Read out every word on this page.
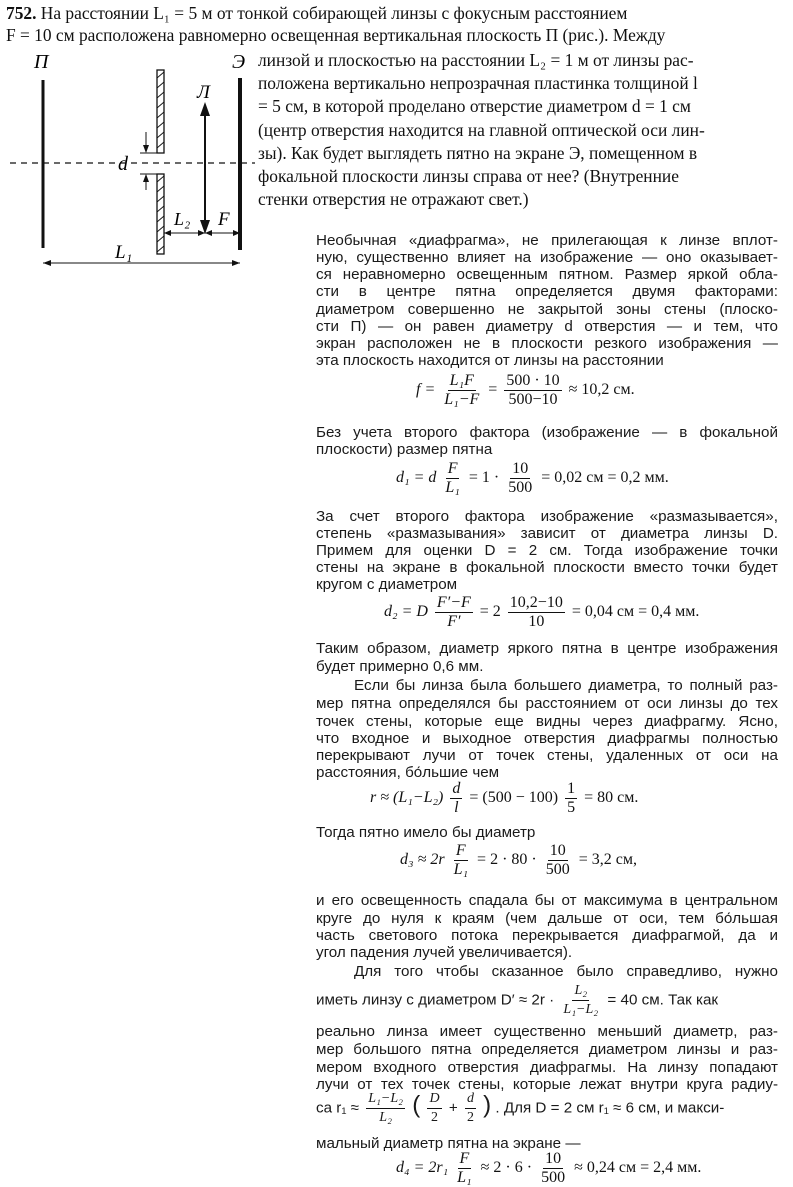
752. На расстоянии L₁ = 5 м от тонкой собирающей линзы с фокусным расстоянием
F = 10 см расположена равномерно освещенная вертикальная плоскость П (рис.). Между
линзой и плоскостью на расстоянии L₂ = 1 м от линзы рас-
положена вертикально непрозрачная пластинка толщиной l
= 5 см, в которой проделано отверстие диаметром d = 1 см
(центр отверстия находится на главной оптической оси лин-
зы). Как будет выглядеть пятно на экране Э, помещенном в
фокальной плоскости линзы справа от нее? (Внутренние
стенки отверстия не отражают свет.)
П	Э
d
Л
L₂ F
L₁
Необычная «диафрагма», не прилегающая к линзе вплот-
ную, существенно влияет на изображение — оно оказывает-
ся неравномерно освещенным пятном. Размер яркой обла-
сти в центре пятна определяется двумя факторами:
диаметром совершенно не закрытой зоны стены (плоско-
сти П) — он равен диаметру d отверстия — и тем, что
экран расположен не в плоскости резкого изображения —
эта плоскость находится от линзы на расстоянии
$f = \frac{\text{L₁F}}{\text{L₁−F}} = \frac{500 \cdot 10}{500-10} \approx 10,2$ см.
Без учета второго фактора (изображение — в фокальной
плоскости) размер пятна
d₁ = d $\frac{F}{\text{L₁}} = 1 \cdot \frac{10}{500} = 0,02$ см = 0,2 мм.
За счет второго фактора изображение «размазывается»,
степень «размазывания» зависит от диаметра линзы D.
Примем для оценки D = 2 см. Тогда изображение точки
стены на экране в фокальной плоскости вместо точки будет
кругом с диаметром
d₂ = D $\frac{F'-F}{F'} = 2 \frac{10,2-10}{10} = 0,04$ см = 0,4 мм.
Таким образом, диаметр яркого пятна в центре изображения
будет примерно 0,6 мм.
Если бы линза была большего диаметра, то полный раз-
мер пятна определялся бы расстоянием от оси линзы до тех
точек стены, которые еще видны через диафрагму. Ясно,
что входное и выходное отверстия диафрагмы полностью
перекрывают лучи от точек стены, удаленных от оси на
расстояния, бо́льшие чем
$r \approx (L_1-L_2) \frac{d}{l} = (500 - 100) \frac{1}{5} = 80$ см.
Тогда пятно имело бы диаметр
$d_3 \approx 2r \frac{F}{\text{L₁}} = 2 \cdot 80 \cdot \frac{10}{500} = 3,2$ см,
и его освещенность спадала бы от максимума в центральном
круге до нуля к краям (чем дальше от оси, тем бо́льшая
часть светового потока перекрывается диафрагмой, да и
угол падения лучей увеличивается).
Для того чтобы сказанное было справедливо, нужно
иметь линзу с диаметром $D' \approx 2r \cdot \frac{\text{L₂}}{\text{L₁−L₂}} = 40$ см. Так как
реально линза имеет существенно меньший диаметр, раз-
мер большого пятна определяется диаметром линзы и раз-
мером входного отверстия диафрагмы. На линзу попадают
лучи от тех точек стены, которые лежат внутри круга радиу-
са $r_1 \approx \frac{\text{L₁−L₂}}{\text{L₂}}$ ( $\frac{D}{2} + \frac{d}{2}$ ) . Для D = 2 см r₁ ≈ 6 см, и макси-
мальный диаметр пятна на экране —
$d_4 = 2r_1 \frac{F}{\text{L₁}} \approx 2 \cdot 6 \cdot \frac{10}{500} \approx 0,24$ см = 2,4 мм.
